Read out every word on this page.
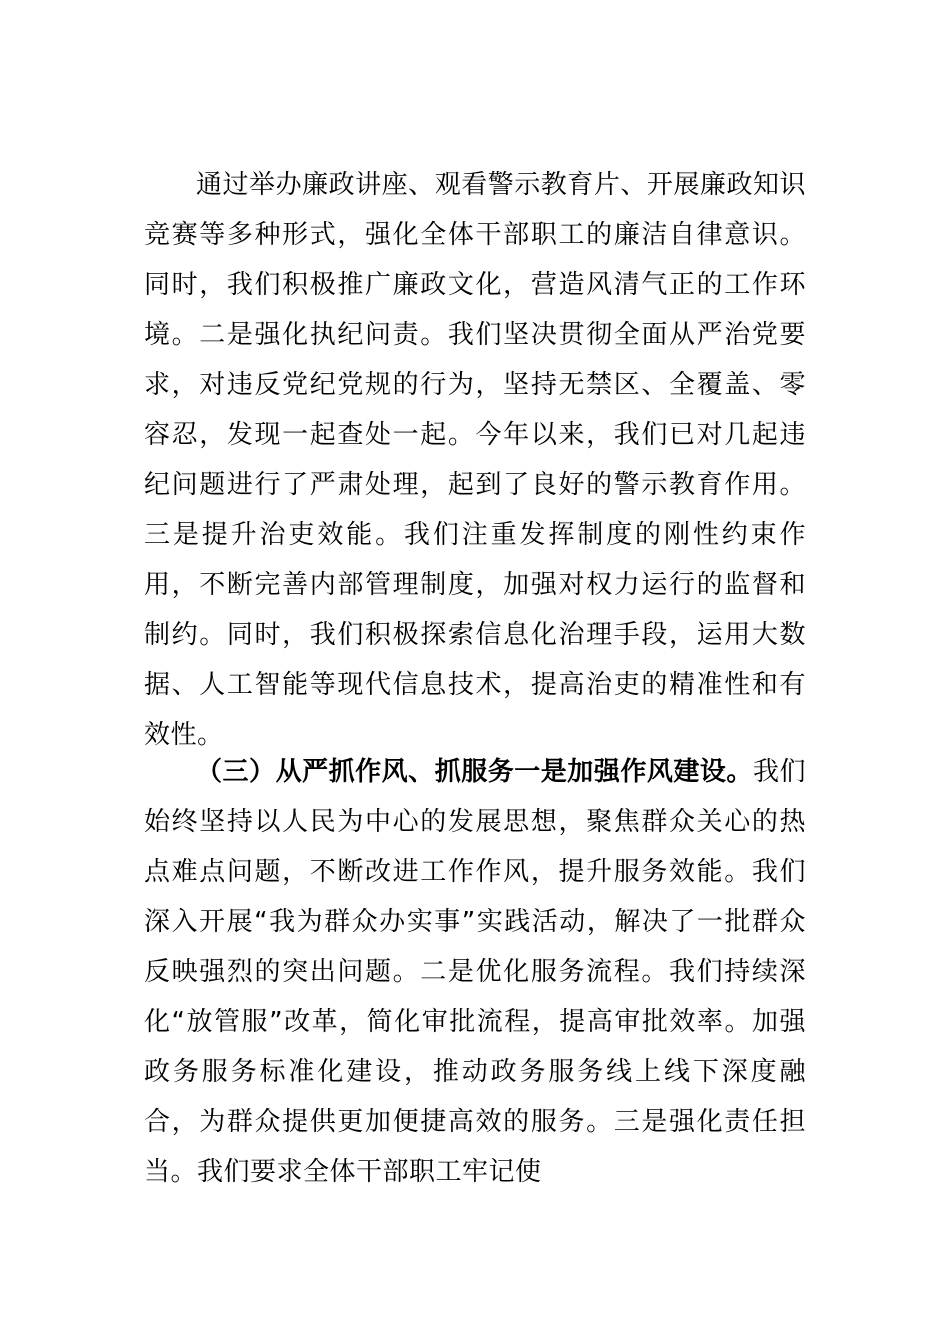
通过举办廉政讲座、观看警示教育片、开展廉政知识竞赛等多种形式，强化全体干部职工的廉洁自律意识。同时，我们积极推广廉政文化，营造风清气正的工作环境。二是强化执纪问责。我们坚决贯彻全面从严治党要求，对违反党纪党规的行为，坚持无禁区、全覆盖、零容忍，发现一起查处一起。今年以来，我们已对几起违纪问题进行了严肃处理，起到了良好的警示教育作用。三是提升治吏效能。我们注重发挥制度的刚性约束作用，不断完善内部管理制度，加强对权力运行的监督和制约。同时，我们积极探索信息化治理手段，运用大数据、人工智能等现代信息技术，提高治吏的精准性和有效性。

（三）从严抓作风、抓服务一是加强作风建设。我们始终坚持以人民为中心的发展思想，聚焦群众关心的热点难点问题，不断改进工作作风，提升服务效能。我们深入开展“我为群众办实事”实践活动，解决了一批群众反映强烈的突出问题。二是优化服务流程。我们持续深化“放管服”改革，简化审批流程，提高审批效率。加强政务服务标准化建设，推动政务服务线上线下深度融合，为群众提供更加便捷高效的服务。三是强化责任担当。我们要求全体干部职工牢记使
